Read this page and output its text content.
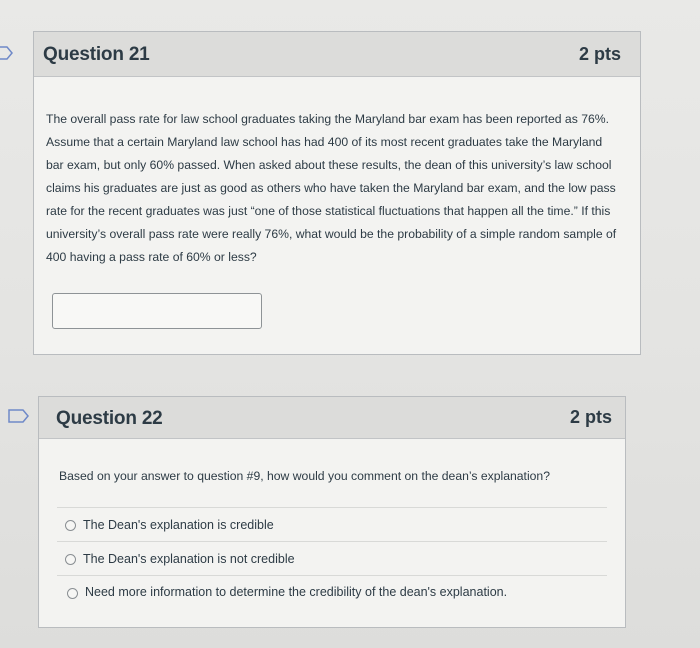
Question 21	2 pts
The overall pass rate for law school graduates taking the Maryland bar exam has been reported as 76%.
Assume that a certain Maryland law school has had 400 of its most recent graduates take the Maryland
bar exam, but only 60% passed. When asked about these results, the dean of this university’s law school
claims his graduates are just as good as others who have taken the Maryland bar exam, and the low pass
rate for the recent graduates was just “one of those statistical fluctuations that happen all the time.” If this
university’s overall pass rate were really 76%, what would be the probability of a simple random sample of
400 having a pass rate of 60% or less?
Question 22	2 pts
Based on your answer to question #9, how would you comment on the dean’s explanation?
The Dean's explanation is credible
The Dean's explanation is not credible
Need more information to determine the credibility of the dean's explanation.
